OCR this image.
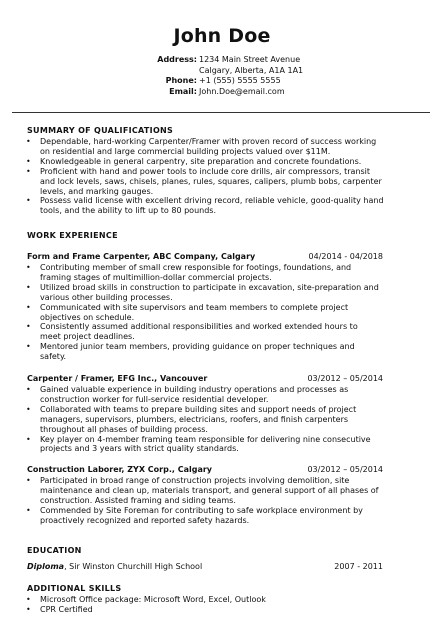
John Doe
Address: 1234 Main Street Avenue
Calgary, Alberta, A1A 1A1
Phone: +1 (555) 5555 5555
Email: John.Doe@email.com
SUMMARY OF QUALIFICATIONS
• Dependable, hard-working Carpenter/Framer with proven record of success working on residential and large commercial building projects valued over $11M.
• Knowledgeable in general carpentry, site preparation and concrete foundations.
• Proficient with hand and power tools to include core drills, air compressors, transit and lock levels, saws, chisels, planes, rules, squares, calipers, plumb bobs, carpenter levels, and marking gauges.
• Possess valid license with excellent driving record, reliable vehicle, good-quality hand tools, and the ability to lift up to 80 pounds.
WORK EXPERIENCE
Form and Frame Carpenter, ABC Company, Calgary	04/2014 - 04/2018
• Contributing member of small crew responsible for footings, foundations, and framing stages of multimillion-dollar commercial projects.
• Utilized broad skills in construction to participate in excavation, site-preparation and various other building processes.
• Communicated with site supervisors and team members to complete project objectives on schedule.
• Consistently assumed additional responsibilities and worked extended hours to meet project deadlines.
• Mentored junior team members, providing guidance on proper techniques and safety.
Carpenter / Framer, EFG Inc., Vancouver	03/2012 – 05/2014
• Gained valuable experience in building industry operations and processes as construction worker for full-service residential developer.
• Collaborated with teams to prepare building sites and support needs of project managers, supervisors, plumbers, electricians, roofers, and finish carpenters throughout all phases of building process.
• Key player on 4-member framing team responsible for delivering nine consecutive projects and 3 years with strict quality standards.
Construction Laborer, ZYX Corp., Calgary	03/2012 – 05/2014
• Participated in broad range of construction projects involving demolition, site maintenance and clean up, materials transport, and general support of all phases of construction. Assisted framing and siding teams.
• Commended by Site Foreman for contributing to safe workplace environment by proactively recognized and reported safety hazards.
EDUCATION
Diploma, Sir Winston Churchill High School	2007 - 2011
ADDITIONAL SKILLS
• Microsoft Office package: Microsoft Word, Excel, Outlook
• CPR Certified
